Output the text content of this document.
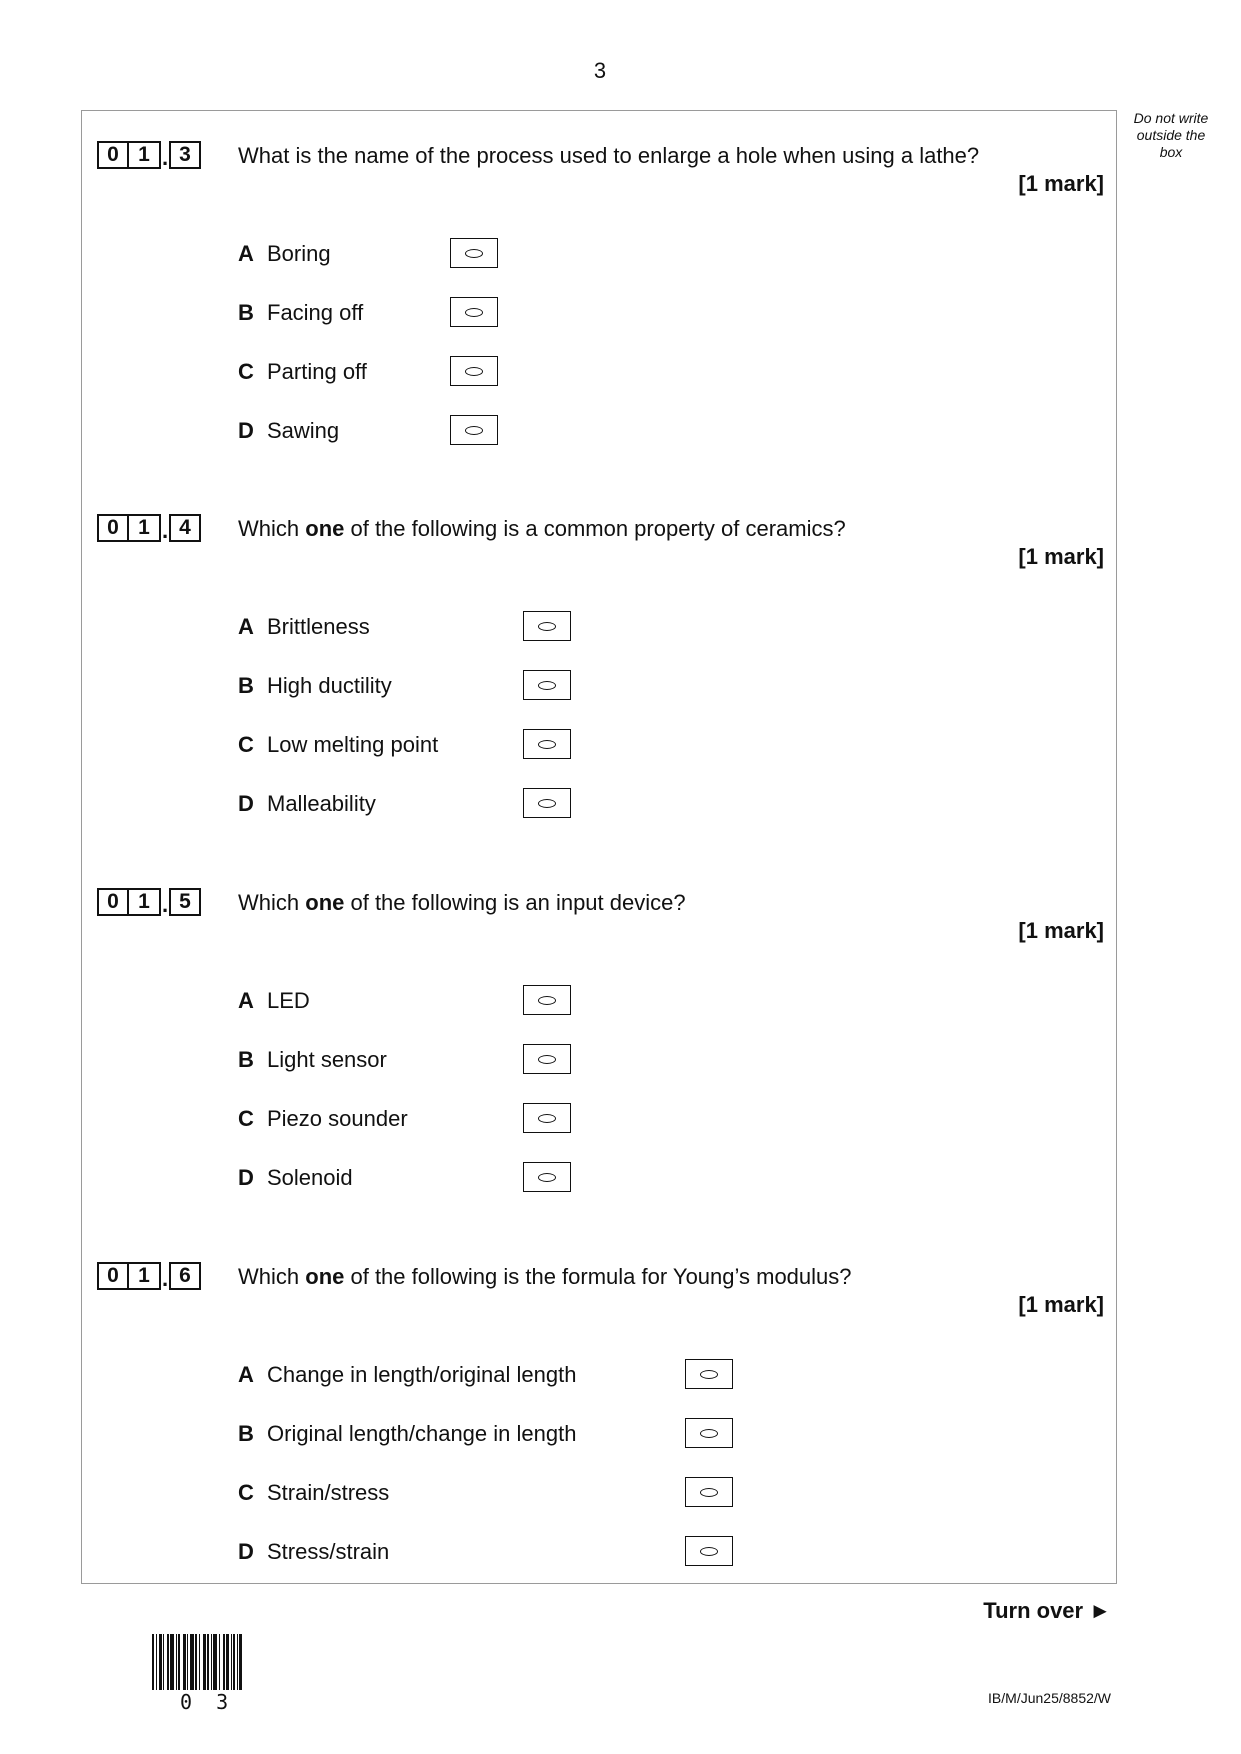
3
Do not write
outside the
box
0 1 . 3	What is the name of the process used to enlarge a hole when using a lathe?
[1 mark]
A Boring
B Facing off
C Parting off
D Sawing
0 1 . 4	Which one of the following is a common property of ceramics?
[1 mark]
A Brittleness
B High ductility
C Low melting point
D Malleability
0 1 . 5	Which one of the following is an input device?
[1 mark]
A LED
B Light sensor
C Piezo sounder
D Solenoid
0 1 . 6	Which one of the following is the formula for Young’s modulus?
[1 mark]
A Change in length/original length
B Original length/change in length
C Strain/stress
D Stress/strain
Turn over ►
0 3	IB/M/Jun25/8852/W
